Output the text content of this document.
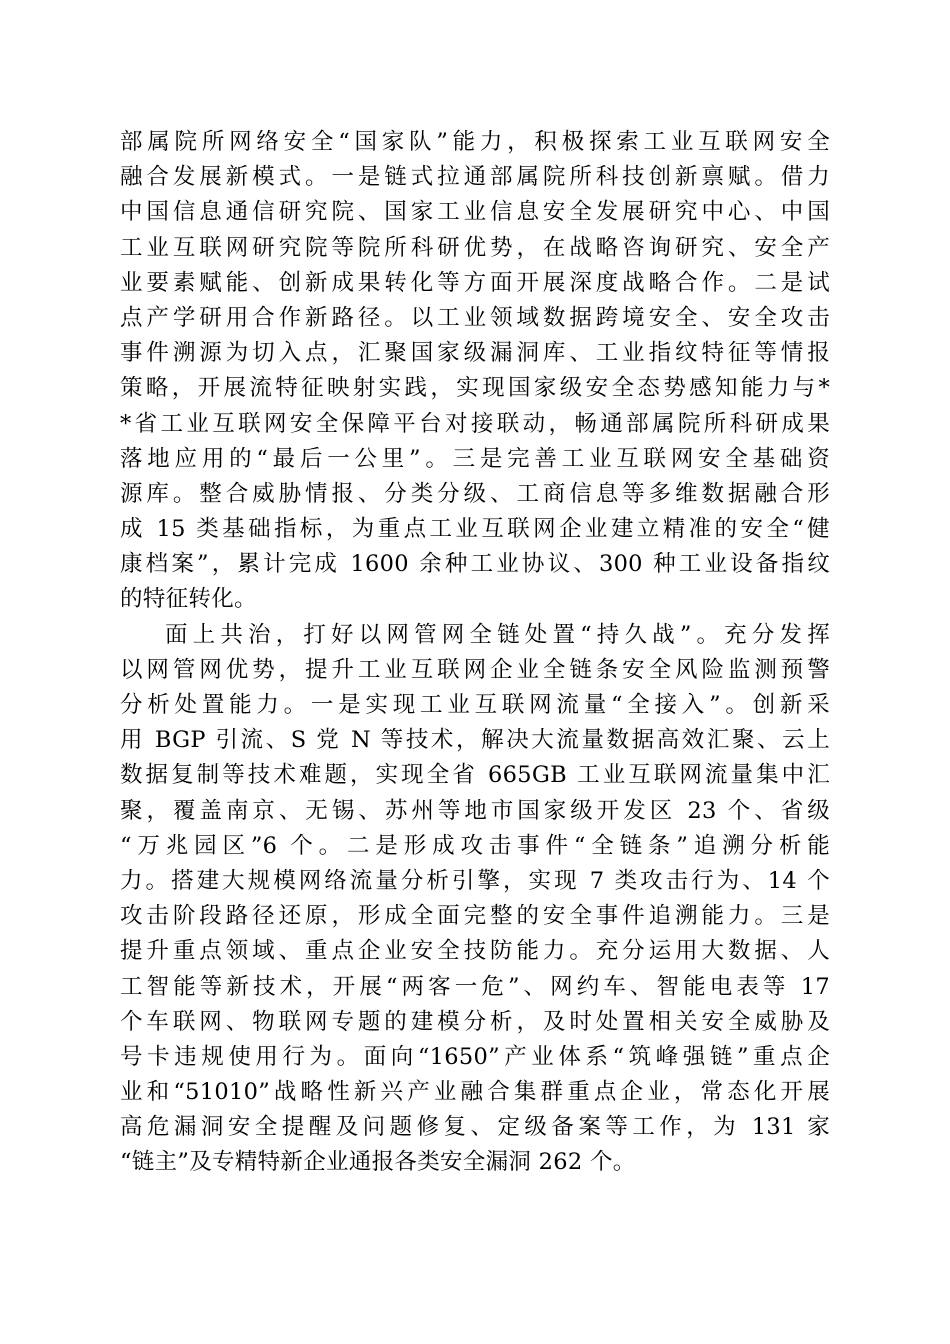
部属院所网络安全“国家队”能力，积极探索工业互联网安全
融合发展新模式。一是链式拉通部属院所科技创新禀赋。借力
中国信息通信研究院、国家工业信息安全发展研究中心、中国
工业互联网研究院等院所科研优势，在战略咨询研究、安全产
业要素赋能、创新成果转化等方面开展深度战略合作。二是试
点产学研用合作新路径。以工业领域数据跨境安全、安全攻击
事件溯源为切入点，汇聚国家级漏洞库、工业指纹特征等情报
策略，开展流特征映射实践，实现国家级安全态势感知能力与*
*省工业互联网安全保障平台对接联动，畅通部属院所科研成果
落地应用的“最后一公里”。三是完善工业互联网安全基础资
源库。整合威胁情报、分类分级、工商信息等多维数据融合形
成 15 类基础指标，为重点工业互联网企业建立精准的安全“健
康档案”，累计完成 1600 余种工业协议、300 种工业设备指纹
的特征转化。
面上共治，打好以网管网全链处置“持久战”。充分发挥
以网管网优势，提升工业互联网企业全链条安全风险监测预警
分析处置能力。一是实现工业互联网流量“全接入”。创新采
用 BGP 引流、S 党 N 等技术，解决大流量数据高效汇聚、云上
数据复制等技术难题，实现全省 665GB 工业互联网流量集中汇
聚，覆盖南京、无锡、苏州等地市国家级开发区 23 个、省级
“万兆园区”6 个。二是形成攻击事件“全链条”追溯分析能
力。搭建大规模网络流量分析引擎，实现 7 类攻击行为、14 个
攻击阶段路径还原，形成全面完整的安全事件追溯能力。三是
提升重点领域、重点企业安全技防能力。充分运用大数据、人
工智能等新技术，开展“两客一危”、网约车、智能电表等 17
个车联网、物联网专题的建模分析，及时处置相关安全威胁及
号卡违规使用行为。面向“1650”产业体系“筑峰强链”重点企
业和“51010”战略性新兴产业融合集群重点企业，常态化开展
高危漏洞安全提醒及问题修复、定级备案等工作，为 131 家
“链主”及专精特新企业通报各类安全漏洞 262 个。
